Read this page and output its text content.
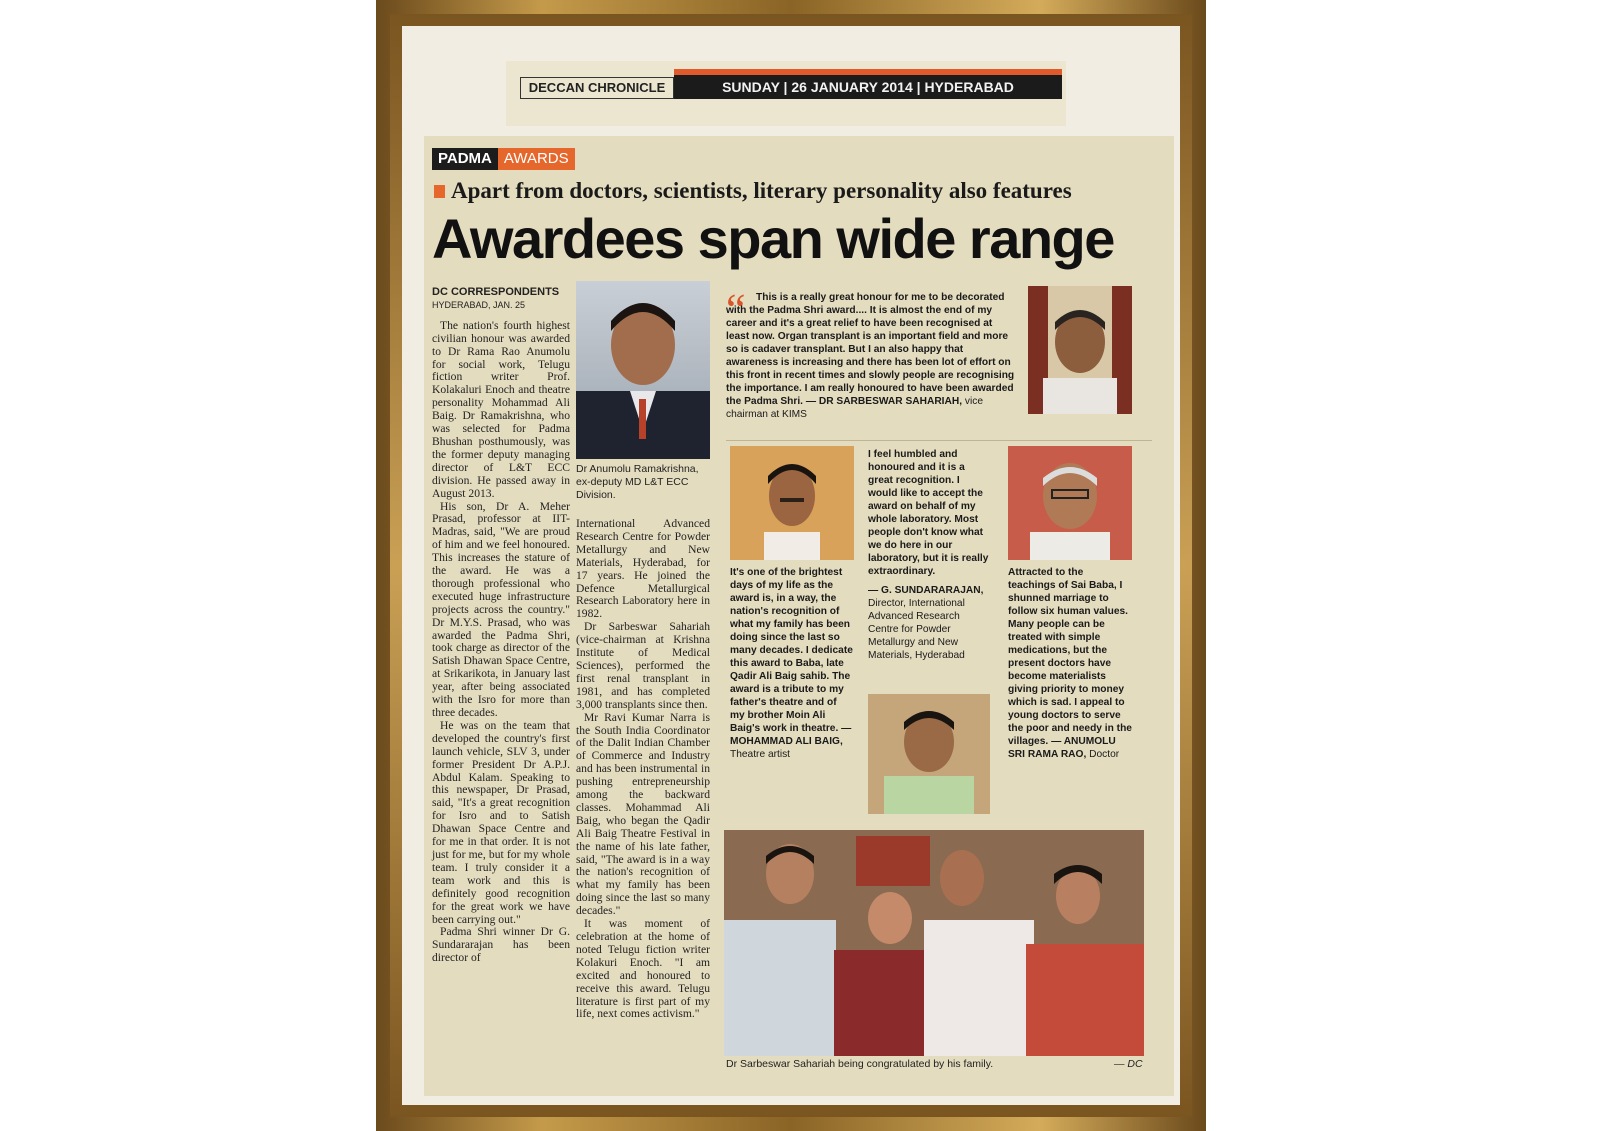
DECCAN CHRONICLE	SUNDAY | 26 JANUARY 2014 | HYDERABAD
PADMA AWARDS
Apart from doctors, scientists, literary personality also features
Awardees span wide range
DC CORRESPONDENTS
HYDERABAD, JAN. 25

The nation's fourth highest civilian honour was awarded to Dr Rama Rao Anumolu for social work, Telugu fiction writer Prof. Kolakaluri Enoch and theatre personality Mohammad Ali Baig. Dr Ramakrishna, who was selected for Padma Bhushan posthumously, was the former deputy managing director of L&T ECC division. He passed away in August 2013.

His son, Dr A. Meher Prasad, professor at IIT-Madras, said, "We are proud of him and we feel honoured. This increases the stature of the award. He was a thorough professional who executed huge infrastructure projects across the country." Dr M.Y.S. Prasad, who was awarded the Padma Shri, took charge as director of the Satish Dhawan Space Centre, at Srikarikota, in January last year, after being associated with the Isro for more than three decades.

He was on the team that developed the country's first launch vehicle, SLV 3, under former President Dr A.P.J. Abdul Kalam. Speaking to this newspaper, Dr Prasad, said, "It's a great recognition for Isro and to Satish Dhawan Space Centre and for me in that order. It is not just for me, but for my whole team. I truly consider it a team work and this is definitely good recognition for the great work we have been carrying out."

Padma Shri winner Dr G. Sundararajan has been director of

Dr Anumolu Ramakrishna, ex-deputy MD L&T ECC Division.

International Advanced Research Centre for Powder Metallurgy and New Materials, Hyderabad, for 17 years. He joined the Defence Metallurgical Research Laboratory here in 1982.

Dr Sarbeswar Sahariah (vice-chairman at Krishna Institute of Medical Sciences), performed the first renal transplant in 1981, and has completed 3,000 transplants since then.

Mr Ravi Kumar Narra is the South India Coordinator of the Dalit Indian Chamber of Commerce and Industry and has been instrumental in pushing entrepreneurship among the backward classes. Mohammad Ali Baig, who began the Qadir Ali Baig Theatre Festival in the name of his late father, said, "The award is in a way the nation's recognition of what my family has been doing since the last so many decades."

It was moment of celebration at the home of noted Telugu fiction writer Kolakuri Enoch. "I am excited and honoured to receive this award. Telugu literature is first part of my life, next comes activism."

“	This is a really great honour for me to be decorated with the Padma Shri award.... It is almost the end of my career and it's a great relief to have been recognised at least now. Organ transplant is an important field and more so is cadaver transplant. But I an also happy that awareness is increasing and there has been lot of effort on this front in recent times and slowly people are recognising the importance. I am really honoured to have been awarded the Padma Shri. — DR SARBESWAR SAHARIAH, vice chairman at KIMS
It's one of the brightest days of my life as the award is, in a way, the nation's recognition of what my family has been doing since the last so many decades. I dedicate this award to Baba, late Qadir Ali Baig sahib. The award is a tribute to my father's theatre and of my brother Moin Ali Baig's work in theatre. — MOHAMMAD ALI BAIG, Theatre artist
I feel humbled and honoured and it is a great recognition. I would like to accept the award on behalf of my whole laboratory. Most people don't know what we do here in our laboratory, but it is really extraordinary.
— G. SUNDARARAJAN,
Director, International Advanced Research Centre for Powder Metallurgy and New Materials, Hyderabad
Attracted to the teachings of Sai Baba, I shunned marriage to follow six human values. Many people can be treated with simple medications, but the present doctors have become materialists giving priority to money which is sad. I appeal to young doctors to serve the poor and needy in the villages. — ANUMOLU SRI RAMA RAO, Doctor
Dr Sarbeswar Sahariah being congratulated by his family.	— DC
